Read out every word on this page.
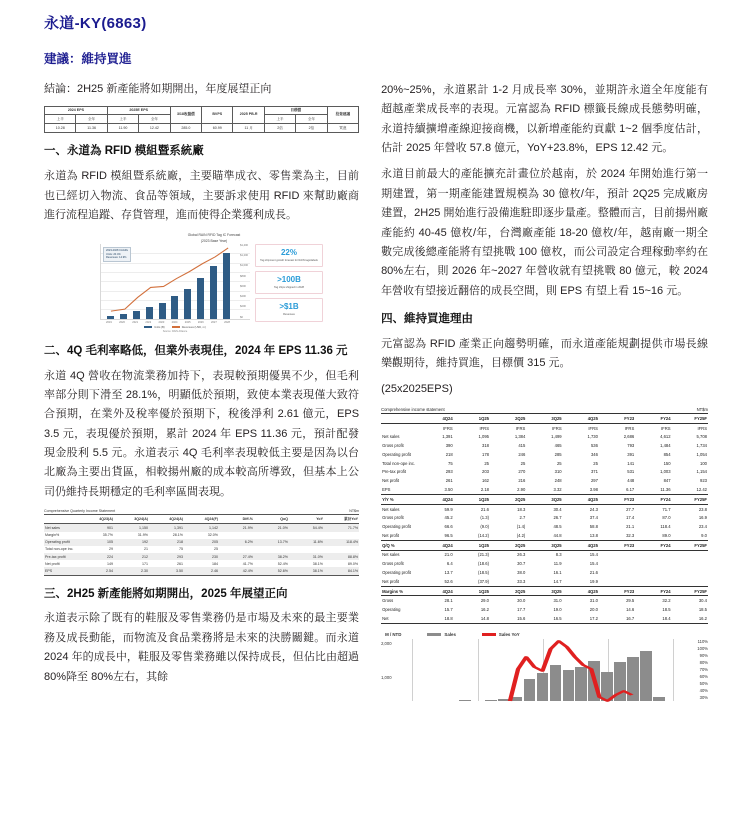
永道-KY(6863)
建議：維持買進

結論：2H25 新產能將如期開出，年度展望正向

2024 EPS		2025E EPS		3/18收盤價	BVPS	2025 PB-R	目標價		投資建議
上半	全年	上半	全年				上半	全年	
10.28	11.36	11.90	12.42	285.0	60.99	11 月	2倍	2倍	買進
一、永道為 RFID 模組暨系統廠

永道為 RFID 模組暨系統廠，主要瞄準成衣、零售業為主，目前也已經切入物流、食品等領域，主要訴求使用 RFID 來幫助廠商進行流程追蹤、存貨管理，進而使得企業獲利成長。

Global RAIN RFID Tag IC Forecast
(2023 Base Year)
2023-2028 CAGRs
Units: 20.4%
Revenues: 14.9%
$1,400
$1,200
$1,000
$800
$600
$400
$200
$0
2019	2020	2021	2022	2023	2024	2025	2026	2027	2028
Units (B)	Revenues (USD, m)
Source: RAIN Alliance
22%
Tag shipment growth forecast for RAIN tags/labels
>100B
Tag chips shipped in 2028
>$1B
Revenues
二、4Q 毛利率略低，但業外表現佳，2024 年 EPS 11.36 元

永道 4Q 營收在物流業務加持下，表現較預期優異不少，但毛利率部分則下滑至 28.1%，明顯低於預期，致使本業表現僅大致符合預期，在業外及稅率優於預期下，稅後淨利 2.61 億元，EPS 3.5 元，表現優於預期，累計 2024 年 EPS 11.36 元，預計配發現金股利 5.5 元。永道表示 4Q 毛利率表現較低主要是因為以台北廠為主要出貨區，相較揚州廠的成本較高所導致，但基本上公司仍維持長期穩定的毛利率區間表現。

Comprehensive Quarterly Income Statement	NT$m
	4Q23(A)	3Q24(A)	4Q24(A)	4Q24(F)	Diff-%	QoQ	YoY	累計YoY
Net sales	901	1,150	1,391	1,142	21.9%	21.0%	54.4%	71.7%
Margin%	35.7%	31.9%	28.1%	32.0%				
Operating profit	105	192	218	205	6.2%	13.7%	11.6%	118.4%
Total non-ope inc.	29	21	75	25				
Pre-tax profit	224	212	293	230	27.4%	38.2%	31.0%	88.8%
Net profit	149	171	261	184	41.7%	52.4%	38.1%	89.0%
EPS	2.54	2.30	3.50	2.46	42.4%	52.6%	38.1%	84.1%
三、2H25 新產能將如期開出，2025 年展望正向

永道表示除了既有的鞋服及零售業務仍是市場及未來的最主要業務及成長動能，而物流及食品業務將是未來的決勝關鍵。而永道 2024 年的成長中，鞋服及零售業務雖以保持成長，但佔比由超過 80%降至 80%左右，其餘

20%~25%，永道累計 1-2 月成長率 30%，並期許永道全年度能有超越產業成長率的表現。元富認為 RFID 標籤長線成長態勢明確，永道持續擴增產線迎接商機，以新增產能約貢獻 1~2 個季度估計，估計 2025 年營收 57.8 億元，YoY+23.8%，EPS 12.42 元。

永道目前最大的產能擴充計畫位於越南，於 2024 年開始進行第一期建置，第一期產能建置規模為 30 億枚/年，預計 2Q25 完成廠房建置，2H25 開始進行設備進駐即逐步量產。整體而言，目前揚州廠產能約 40-45 億枚/年，台灣廠產能 18-20 億枚/年，越南廠一期全數完成後總產能將有望挑戰 100 億枚，而公司設定合理稼動率約在 80%左右，則 2026 年~2027 年營收就有望挑戰 80 億元，較 2024 年營收有望接近翻倍的成長空間，則 EPS 有望上看 15~16 元。

四、維持買進理由

元富認為 RFID 產業正向趨勢明確，而永道產能規劃提供市場長線樂觀期待，維持買進，目標價 315 元。

(25x2025EPS)

Comprehensive income statement	NT$m
	4Q24	1Q25	2Q25	3Q25	4Q25	FY23	FY24	FY25F
	IFRS	IFRS	IFRS	IFRS	IFRS	IFRS	IFRS	IFRS
Net sales	1,391	1,095	1,384	1,499	1,730	2,686	4,612	5,708
Gross profit	390	318	415	465	536	793	1,484	1,734
Operating profit	218	178	246	285	346	391	854	1,054
Total non-ope inc.	75	25	25	25	25	141	150	100
Pre-tax profit	293	203	270	310	371	531	1,003	1,154
Net profit	261	162	216	248	297	448	847	923
EPS	3.50	2.18	2.90	3.32	3.98	6.17	11.36	12.42
Y/Y %	4Q24	1Q25	2Q25	3Q25	4Q25	FY23	FY24	FY25F
Net sales	59.9	21.6	18.3	30.4	24.3	27.7	71.7	23.8
Gross profit	45.2	(1.3)	2.7	26.7	37.4	17.4	87.0	16.9
Operating profit	66.6	(9.0)	(1.4)	48.5	58.8	21.1	118.4	23.4
Net profit	96.5	(14.2)	(4.2)	44.8	13.8	32.3	89.0	9.0
Q/Q %	4Q24	1Q25	2Q25	3Q25	4Q25	FY23	FY24	FY25F
Net sales	21.0	(21.3)	26.3	8.3	15.4			
Gross profit	6.4	(18.6)	30.7	11.9	15.4			
Operating profit	13.7	(18.5)	38.0	16.1	21.6			
Net profit	52.6	(37.9)	33.3	14.7	19.9			
Margins %	4Q24	1Q25	2Q25	3Q25	4Q25	FY23	FY24	FY25F
Gross	28.1	29.0	30.0	31.0	31.0	29.5	32.2	30.4
Operating	15.7	16.2	17.7	19.0	20.0	14.6	18.5	18.5
Net	18.8	14.8	15.6	16.5	17.2	16.7	18.4	16.2
M / NTD	Sales	Sales YoY
2,000
1,000
110%
100%
90%
80%
70%
60%
50%
40%
30%
